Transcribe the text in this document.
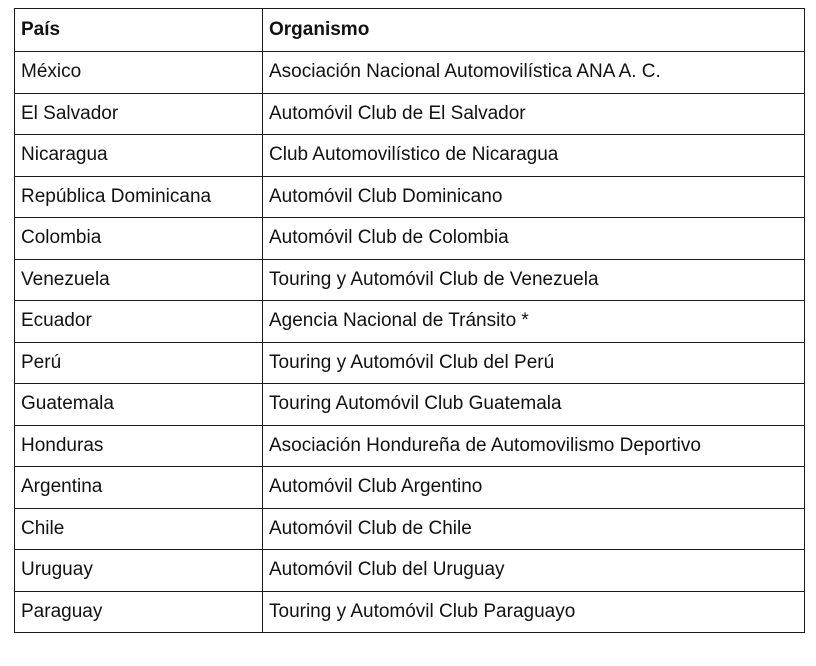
País	Organismo
México	Asociación Nacional Automovilística ANA A. C.
El Salvador	Automóvil Club de El Salvador
Nicaragua	Club Automovilístico de Nicaragua
República Dominicana	Automóvil Club Dominicano
Colombia	Automóvil Club de Colombia
Venezuela	Touring y Automóvil Club de Venezuela
Ecuador	Agencia Nacional de Tránsito *
Perú	Touring y Automóvil Club del Perú
Guatemala	Touring Automóvil Club Guatemala
Honduras	Asociación Hondureña de Automovilismo Deportivo
Argentina	Automóvil Club Argentino
Chile	Automóvil Club de Chile
Uruguay	Automóvil Club del Uruguay
Paraguay	Touring y Automóvil Club Paraguayo
